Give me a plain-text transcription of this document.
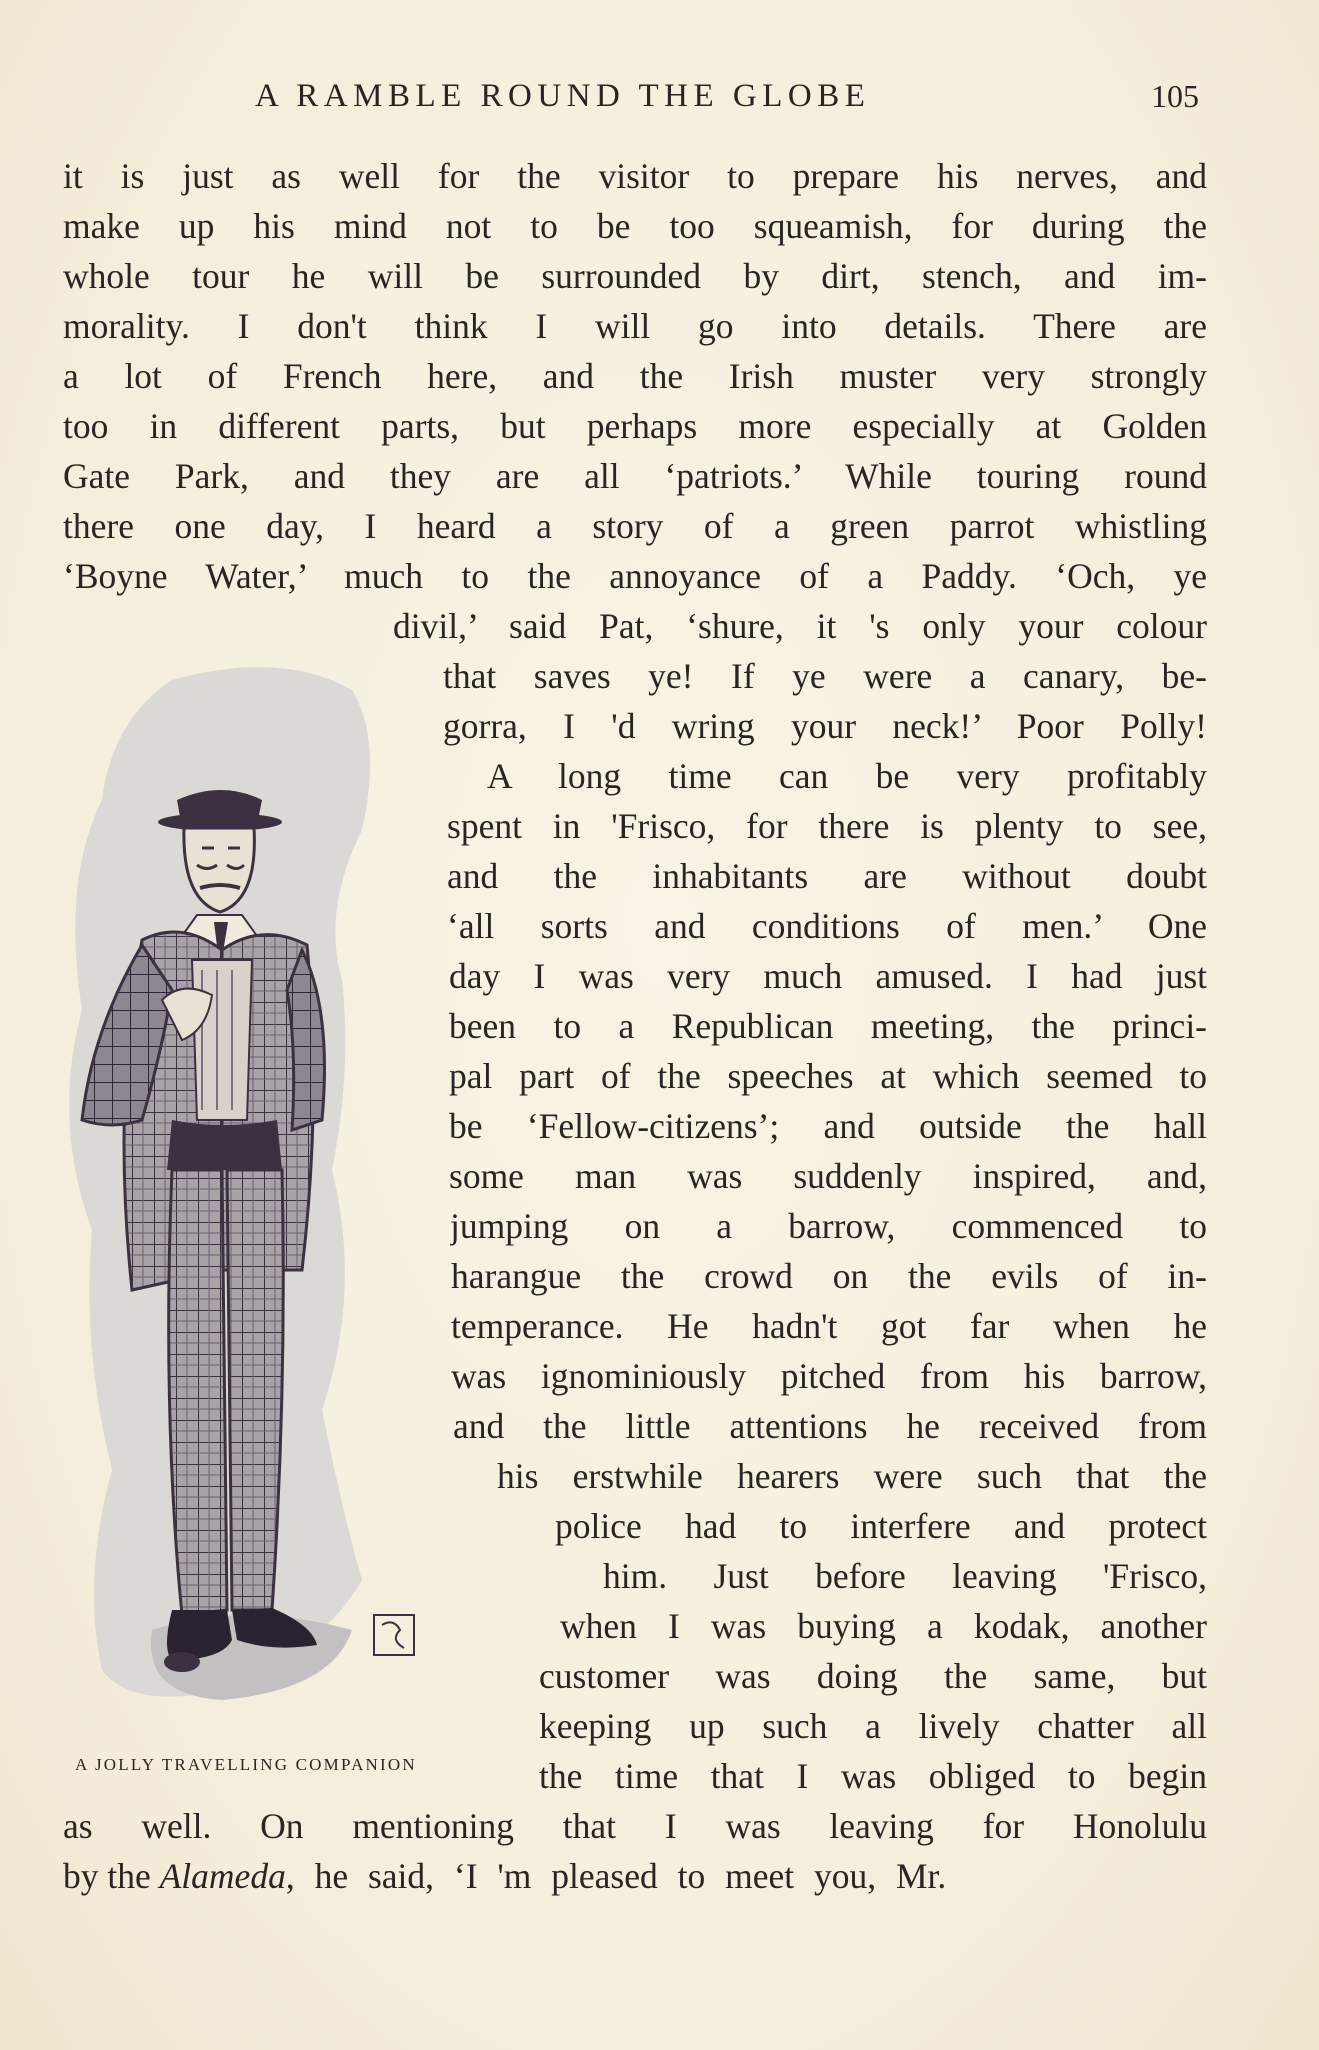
A RAMBLE ROUND THE GLOBE	105
it is just as well for the visitor to prepare his nerves, and
make up his mind not to be too squeamish, for during the
whole tour he will be surrounded by dirt, stench, and im-
morality. I don't think I will go into details. There are
a lot of French here, and the Irish muster very strongly
too in different parts, but perhaps more especially at Golden
Gate Park, and they are all ‘patriots.’ While touring round
there one day, I heard a story of a green parrot whistling
‘Boyne Water,’ much to the annoyance of a Paddy. ‘Och, ye
divil,’ said Pat, ‘shure, it 's only your colour
that saves ye! If ye were a canary, be-
gorra, I 'd wring your neck!’ Poor Polly!
A long time can be very profitably
spent in 'Frisco, for there is plenty to see,
and the inhabitants are without doubt
‘all sorts and conditions of men.’ One
day I was very much amused. I had just
been to a Republican meeting, the princi-
pal part of the speeches at which seemed to
be ‘Fellow-citizens’; and outside the hall
some man was suddenly inspired, and,
jumping on a barrow, commenced to
harangue the crowd on the evils of in-
temperance. He hadn't got far when he
was ignominiously pitched from his barrow,
and the little attentions he received from
his erstwhile hearers were such that the
police had to interfere and protect
him. Just before leaving 'Frisco,
when I was buying a kodak, another
customer was doing the same, but
keeping up such a lively chatter all
the time that I was obliged to begin
as well. On mentioning that I was leaving for Honolulu
by the Alameda, he said, ‘I 'm pleased to meet you, Mr.
A JOLLY TRAVELLING COMPANION
